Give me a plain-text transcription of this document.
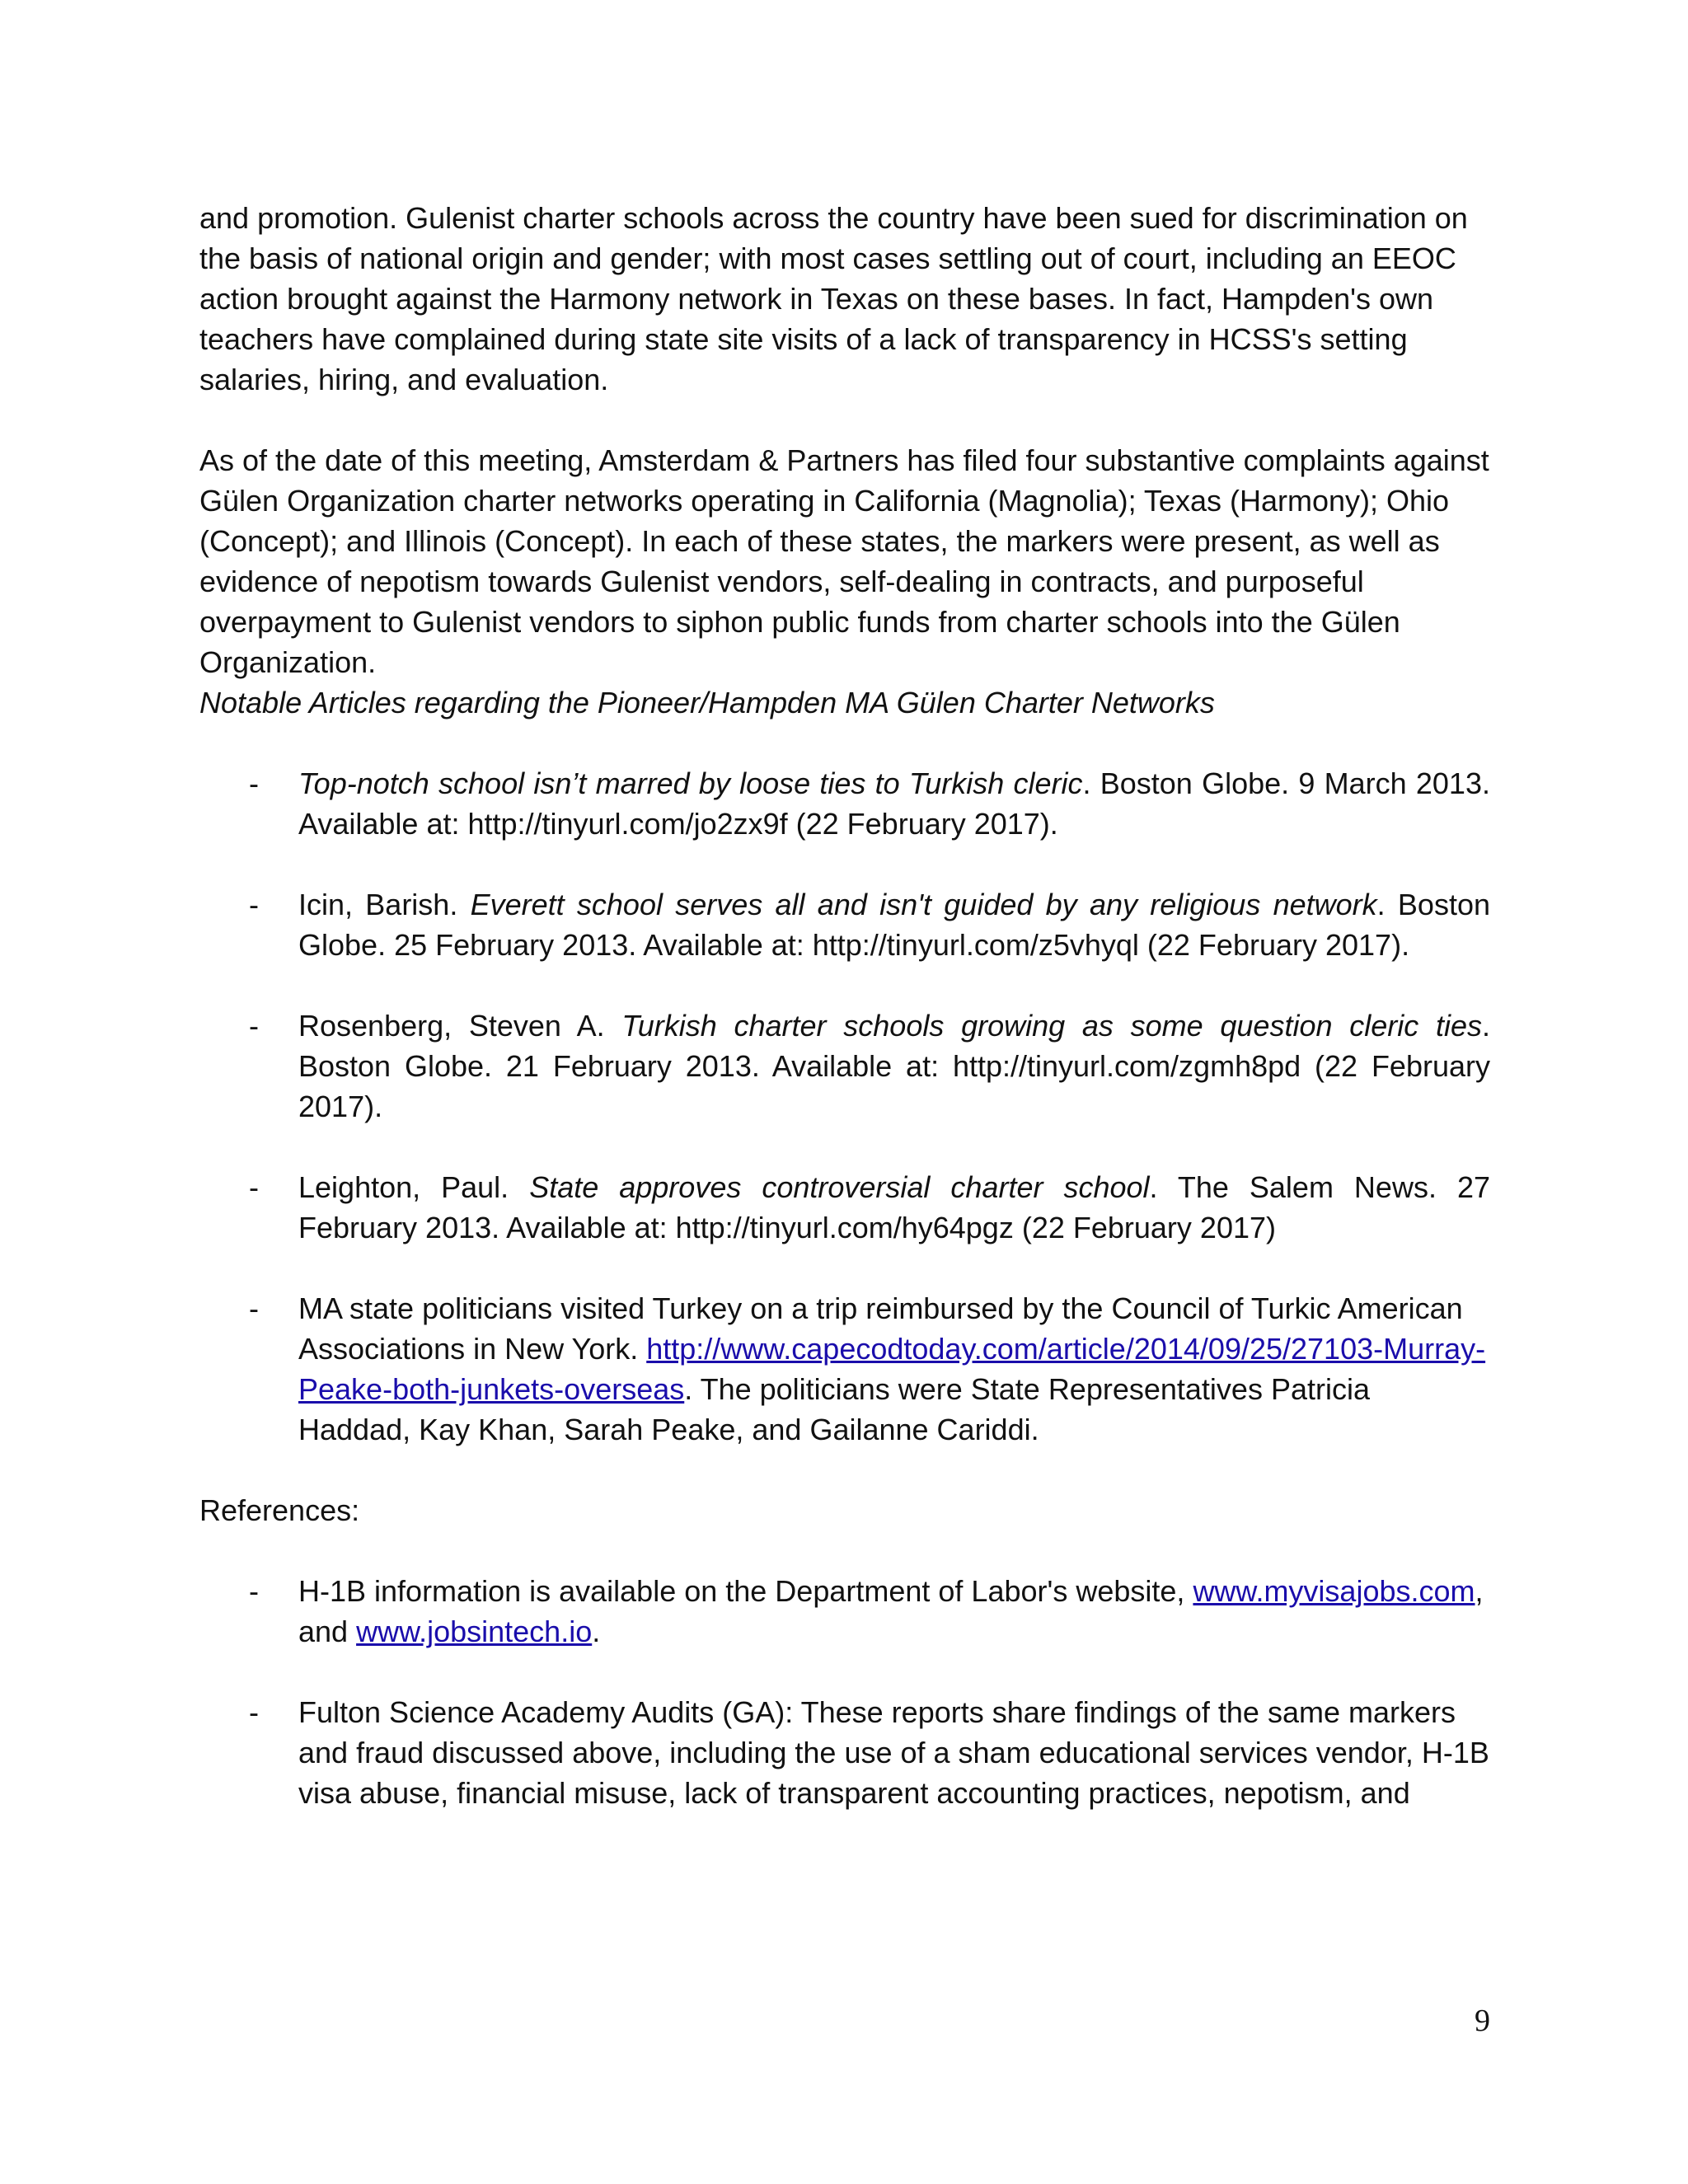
and promotion. Gulenist charter schools across the country have been sued for discrimination on the basis of national origin and gender; with most cases settling out of court, including an EEOC action brought against the Harmony network in Texas on these bases. In fact, Hampden's own teachers have complained during state site visits of a lack of transparency in HCSS's setting salaries, hiring, and evaluation.

As of the date of this meeting, Amsterdam & Partners has filed four substantive complaints against Gülen Organization charter networks operating in California (Magnolia); Texas (Harmony); Ohio (Concept); and Illinois (Concept). In each of these states, the markers were present, as well as evidence of nepotism towards Gulenist vendors, self-dealing in contracts, and purposeful overpayment to Gulenist vendors to siphon public funds from charter schools into the Gülen Organization.

Notable Articles regarding the Pioneer/Hampden MA Gülen Charter Networks

- Top-notch school isn’t marred by loose ties to Turkish cleric. Boston Globe. 9 March 2013. Available at: http://tinyurl.com/jo2zx9f (22 February 2017).
- Icin, Barish. Everett school serves all and isn't guided by any religious network. Boston Globe. 25 February 2013. Available at: http://tinyurl.com/z5vhyql (22 February 2017).
- Rosenberg, Steven A. Turkish charter schools growing as some question cleric ties. Boston Globe. 21 February 2013. Available at: http://tinyurl.com/zgmh8pd (22 February 2017).
- Leighton, Paul. State approves controversial charter school. The Salem News. 27 February 2013. Available at: http://tinyurl.com/hy64pgz (22 February 2017)
- MA state politicians visited Turkey on a trip reimbursed by the Council of Turkic American Associations in New York. http://www.capecodtoday.com/article/2014/09/25/27103-Murray-Peake-both-junkets-overseas. The politicians were State Representatives Patricia Haddad, Kay Khan, Sarah Peake, and Gailanne Cariddi.

References:

- H-1B information is available on the Department of Labor's website, www.myvisajobs.com, and www.jobsintech.io.
- Fulton Science Academy Audits (GA): These reports share findings of the same markers and fraud discussed above, including the use of a sham educational services vendor, H-1B visa abuse, financial misuse, lack of transparent accounting practices, nepotism, and
9
